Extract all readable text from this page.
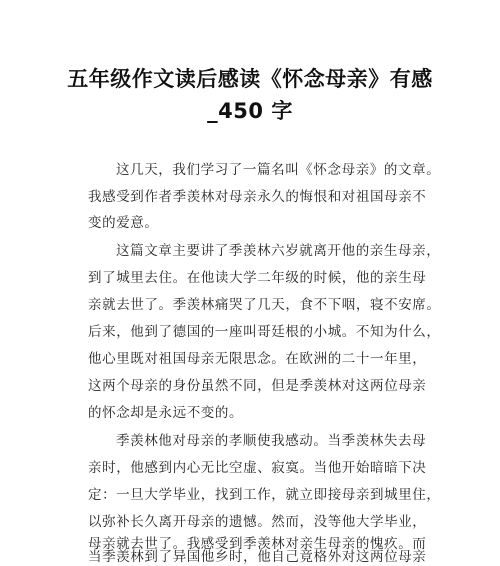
五年级作文读后感读《怀念母亲》有感
_450 字
这几天，我们学习了一篇名叫《怀念母亲》的文章。
我感受到作者季羡林对母亲永久的悔恨和对祖国母亲不
变的爱意。
这篇文章主要讲了季羡林六岁就离开他的亲生母亲，
到了城里去住。在他读大学二年级的时候，他的亲生母
亲就去世了。季羡林痛哭了几天，食不下咽，寝不安席。
后来，他到了德国的一座叫哥廷根的小城。不知为什么，
他心里既对祖国母亲无限思念。在欧洲的二十一年里，
这两个母亲的身份虽然不同，但是季羡林对这两位母亲
的怀念却是永远不变的。
季羡林他对母亲的孝顺使我感动。当季羡林失去母
亲时，他感到内心无比空虚、寂寞。当他开始暗暗下决
定：一旦大学毕业，找到工作，就立即接母亲到城里住，
以弥补长久离开母亲的遗憾。然而，没等他大学毕业，
母亲就去世了。我感受到季羡林对亲生母亲的愧疚。而
当季羡林到了异国他乡时，他自己竟格外对这两位母亲
